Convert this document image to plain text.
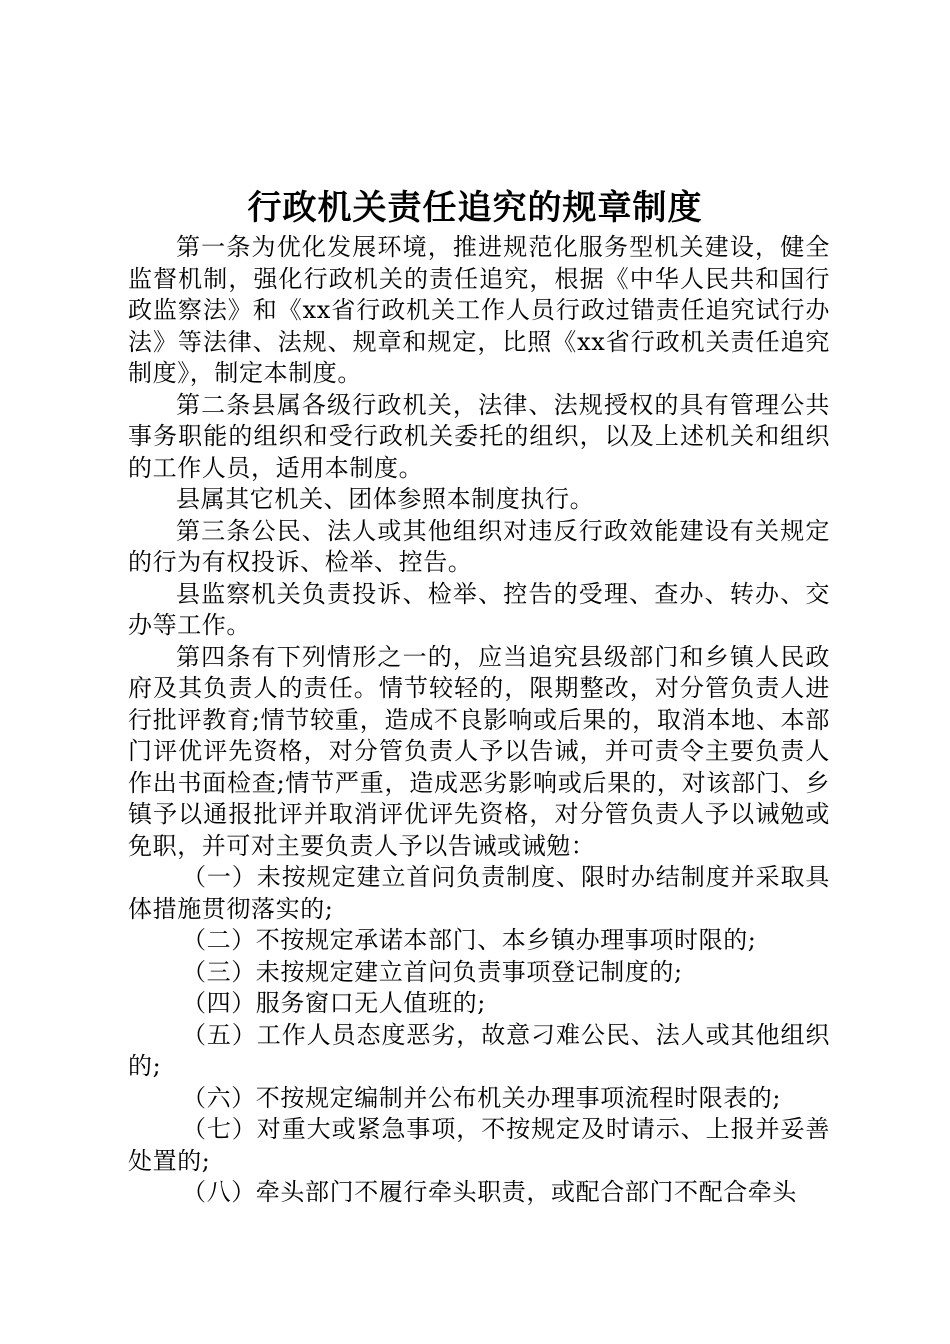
行政机关责任追究的规章制度

第一条为优化发展环境，推进规范化服务型机关建设，健全监督机制，强化行政机关的责任追究，根据《中华人民共和国行政监察法》和《xx省行政机关工作人员行政过错责任追究试行办法》等法律、法规、规章和规定，比照《xx省行政机关责任追究制度》，制定本制度。

第二条县属各级行政机关，法律、法规授权的具有管理公共事务职能的组织和受行政机关委托的组织，以及上述机关和组织的工作人员，适用本制度。

县属其它机关、团体参照本制度执行。

第三条公民、法人或其他组织对违反行政效能建设有关规定的行为有权投诉、检举、控告。

县监察机关负责投诉、检举、控告的受理、查办、转办、交办等工作。

第四条有下列情形之一的，应当追究县级部门和乡镇人民政府及其负责人的责任。情节较轻的，限期整改，对分管负责人进行批评教育;情节较重，造成不良影响或后果的，取消本地、本部门评优评先资格，对分管负责人予以告诫，并可责令主要负责人作出书面检查;情节严重，造成恶劣影响或后果的，对该部门、乡镇予以通报批评并取消评优评先资格，对分管负责人予以诫勉或免职，并可对主要负责人予以告诫或诫勉：

（一）未按规定建立首问负责制度、限时办结制度并采取具体措施贯彻落实的;

（二）不按规定承诺本部门、本乡镇办理事项时限的;

（三）未按规定建立首问负责事项登记制度的;

（四）服务窗口无人值班的;

（五）工作人员态度恶劣，故意刁难公民、法人或其他组织的;

（六）不按规定编制并公布机关办理事项流程时限表的;

（七）对重大或紧急事项，不按规定及时请示、上报并妥善处置的;

（八）牵头部门不履行牵头职责，或配合部门不配合牵头
